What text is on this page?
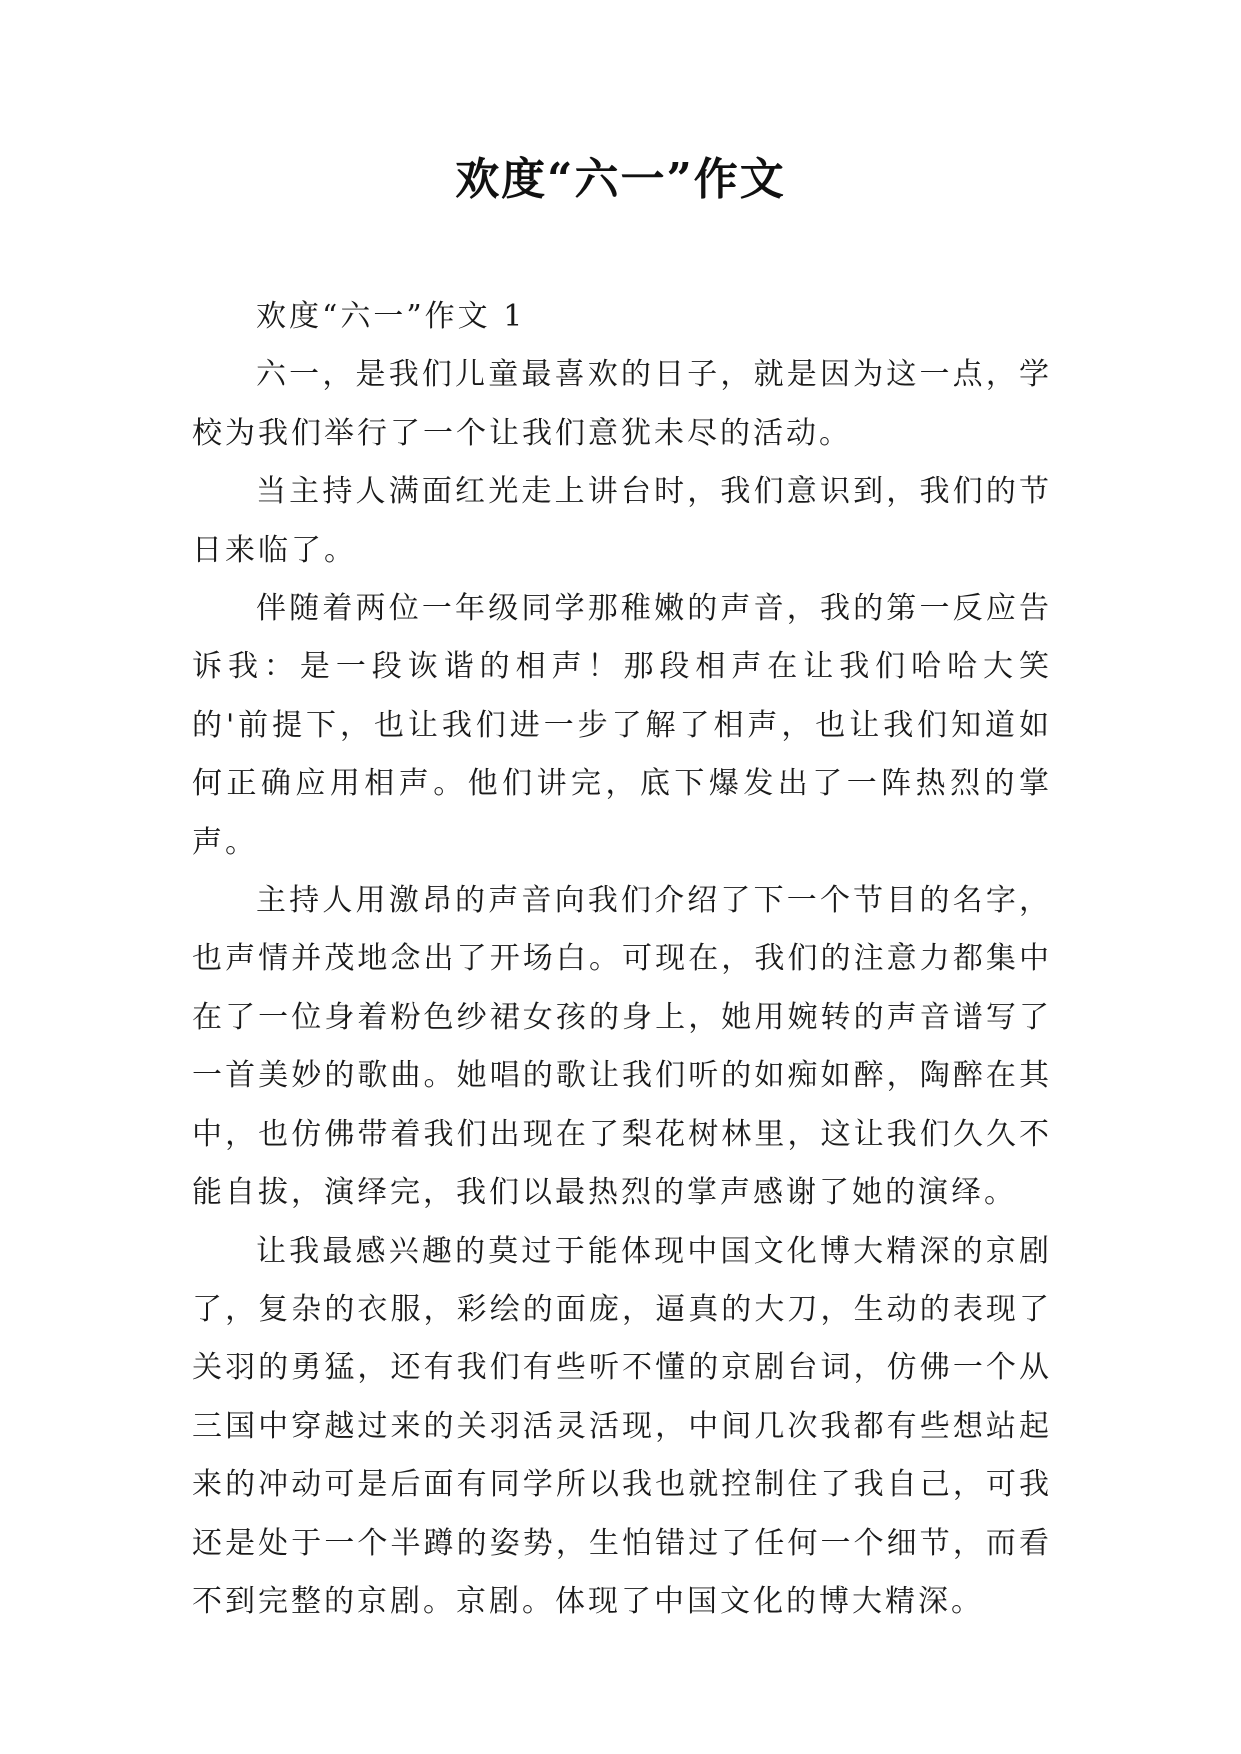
欢度“六一”作文

欢度“六一”作文 1

六一，是我们儿童最喜欢的日子，就是因为这一点，学校为我们举行了一个让我们意犹未尽的活动。

当主持人满面红光走上讲台时，我们意识到，我们的节日来临了。

伴随着两位一年级同学那稚嫩的声音，我的第一反应告诉我：是一段诙谐的相声！那段相声在让我们哈哈大笑的'前提下，也让我们进一步了解了相声，也让我们知道如何正确应用相声。他们讲完，底下爆发出了一阵热烈的掌声。

主持人用激昂的声音向我们介绍了下一个节目的名字，也声情并茂地念出了开场白。可现在，我们的注意力都集中在了一位身着粉色纱裙女孩的身上，她用婉转的声音谱写了一首美妙的歌曲。她唱的歌让我们听的如痴如醉，陶醉在其中，也仿佛带着我们出现在了梨花树林里，这让我们久久不能自拔，演绎完，我们以最热烈的掌声感谢了她的演绎。

让我最感兴趣的莫过于能体现中国文化博大精深的京剧了，复杂的衣服，彩绘的面庞，逼真的大刀，生动的表现了关羽的勇猛，还有我们有些听不懂的京剧台词，仿佛一个从三国中穿越过来的关羽活灵活现，中间几次我都有些想站起来的冲动可是后面有同学所以我也就控制住了我自己，可我还是处于一个半蹲的姿势，生怕错过了任何一个细节，而看不到完整的京剧。京剧。体现了中国文化的博大精深。
